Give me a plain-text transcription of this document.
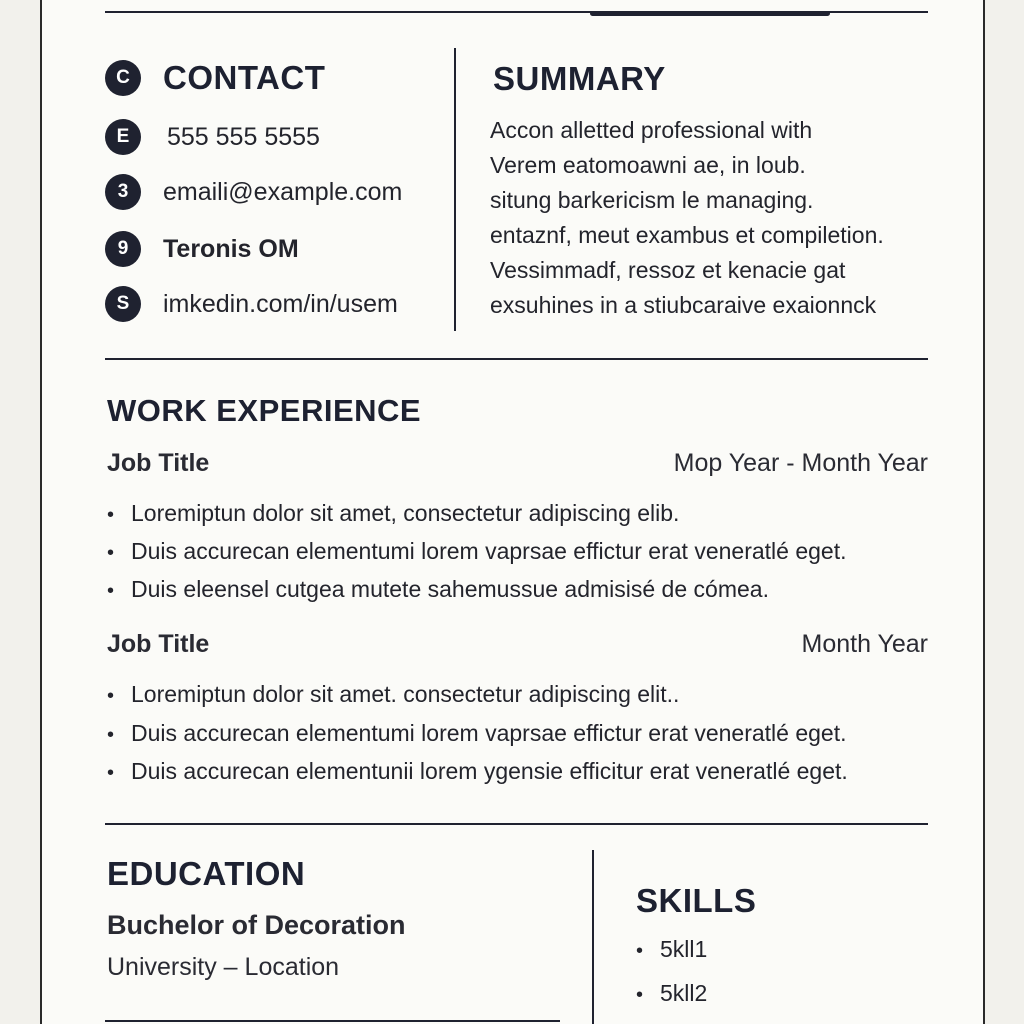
C	CONTACT
E	555 555 5555
3	emaili@example.com
9	Teronis OM
S	imkedin.com/in/usem
SUMMARY
Accon alletted professional with
Verem eatomoawni ae, in loub.
situng barkericism le managing.
entaznf, meut exambus et compiletion.
Vessimmadf, ressoz et kenacie gat
exsuhines in a stiubcaraive exaionnck
WORK EXPERIENCE
Job Title	Mop Year - Month Year
• Loremiptun dolor sit amet, consectetur adipiscing elib.
• Duis accurecan elementumi lorem vaprsae effictur erat veneratlé eget.
• Duis eleensel cutgea mutete sahemussue admisisé de cómea.
Job Title	Month Year
• Loremiptun dolor sit amet. consectetur adipiscing elit..
• Duis accurecan elementumi lorem vaprsae effictur erat veneratlé eget.
• Duis accurecan elementunii lorem ygensie efficitur erat veneratlé eget.
EDUCATION
Buchelor of Decoration
University – Location
SKILLS
• 5kll1
• 5kll2
